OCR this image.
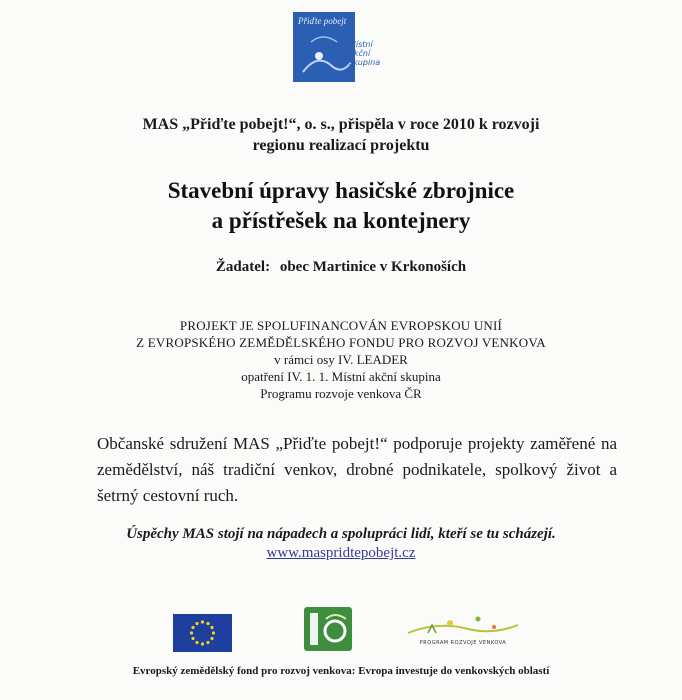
Přiďte pobejt
Místní
akční
skupina
MAS „Přiďte pobejt!“, o. s., přispěla v roce 2010 k rozvoji
regionu realizací projektu
Stavební úpravy hasičské zbrojnice
a přístřešek na kontejnery
Žadatel: obec Martinice v Krkonoších
PROJEKT JE SPOLUFINANCOVÁN EVROPSKOU UNIÍ
Z EVROPSKÉHO ZEMĚDĚLSKÉHO FONDU PRO ROZVOJ VENKOVA
v rámci osy IV. LEADER
opatření IV. 1. 1. Místní akční skupina
Programu rozvoje venkova ČR
Občanské sdružení MAS „Přiďte pobejt!“ podporuje projekty zaměřené na zemědělství, náš tradiční venkov, drobné podnikatele, spolkový život a šetrný cestovní ruch.
Úspěchy MAS stojí na nápadech a spolupráci lidí, kteří se tu scházejí.
www.maspridtepobejt.cz
PROGRAM ROZVOJE VENKOVA
Evropský zemědělský fond pro rozvoj venkova: Evropa investuje do venkovských oblastí
